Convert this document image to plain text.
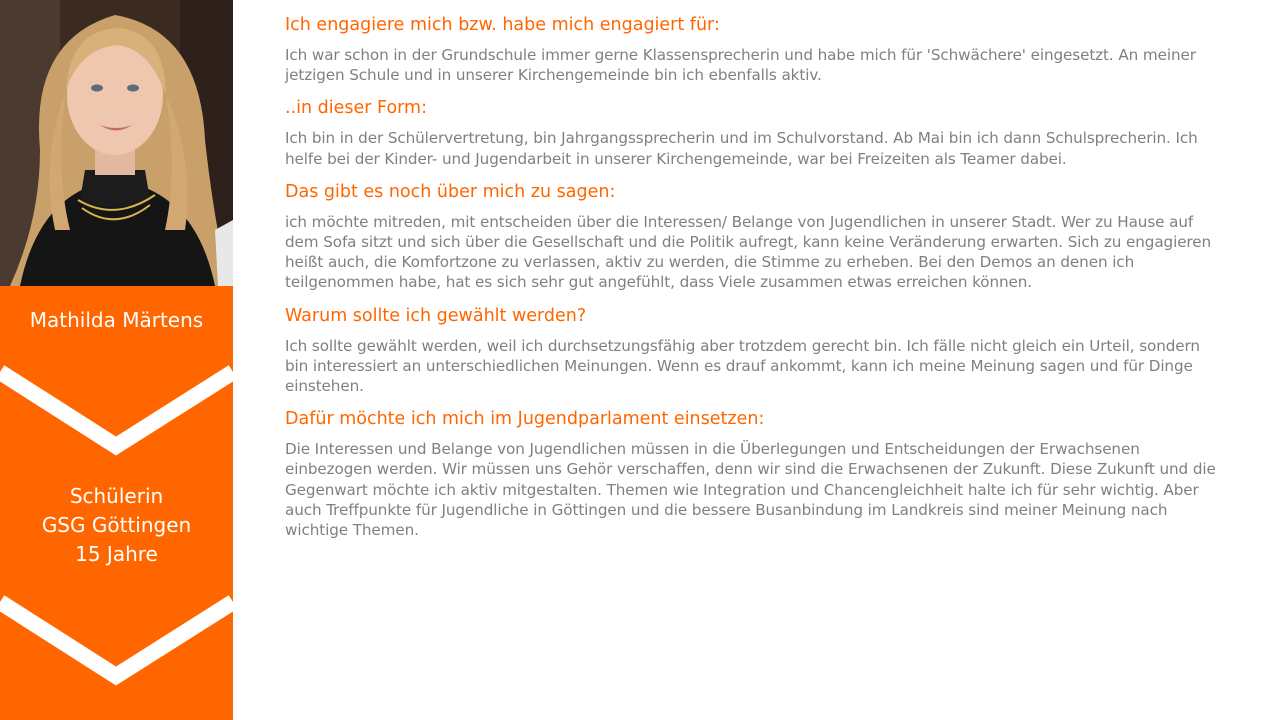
Mathilda Märtens
Schülerin
GSG Göttingen
15 Jahre
Ich engagiere mich bzw. habe mich engagiert für:
Ich war schon in der Grundschule immer gerne Klassensprecherin und habe mich für 'Schwächere' eingesetzt. An meiner jetzigen Schule und in unserer Kirchengemeinde bin ich ebenfalls aktiv.
..in dieser Form:
Ich bin in der Schülervertretung, bin Jahrgangssprecherin und im Schulvorstand. Ab Mai bin ich dann Schulsprecherin. Ich helfe bei der Kinder- und Jugendarbeit in unserer Kirchengemeinde, war bei Freizeiten als Teamer dabei.
Das gibt es noch über mich zu sagen:
ich möchte mitreden, mit entscheiden über die Interessen/ Belange von Jugendlichen in unserer Stadt. Wer zu Hause auf dem Sofa sitzt und sich über die Gesellschaft und die Politik aufregt, kann keine Veränderung erwarten. Sich zu engagieren heißt auch, die Komfortzone zu verlassen, aktiv zu werden, die Stimme zu erheben. Bei den Demos an denen ich teilgenommen habe, hat es sich sehr gut angefühlt, dass Viele zusammen etwas erreichen können.
Warum sollte ich gewählt werden?
Ich sollte gewählt werden, weil ich durchsetzungsfähig aber trotzdem gerecht bin. Ich fälle nicht gleich ein Urteil, sondern bin interessiert an unterschiedlichen Meinungen. Wenn es drauf ankommt, kann ich meine Meinung sagen und für Dinge einstehen.
Dafür möchte ich mich im Jugendparlament einsetzen:
Die Interessen und Belange von Jugendlichen müssen in die Überlegungen und Entscheidungen der Erwachsenen einbezogen werden. Wir müssen uns Gehör verschaffen, denn wir sind die Erwachsenen der Zukunft. Diese Zukunft und die Gegenwart möchte ich aktiv mitgestalten. Themen wie Integration und Chancengleichheit halte ich für sehr wichtig. Aber auch Treffpunkte für Jugendliche in Göttingen und die bessere Busanbindung im Landkreis sind meiner Meinung nach wichtige Themen.
